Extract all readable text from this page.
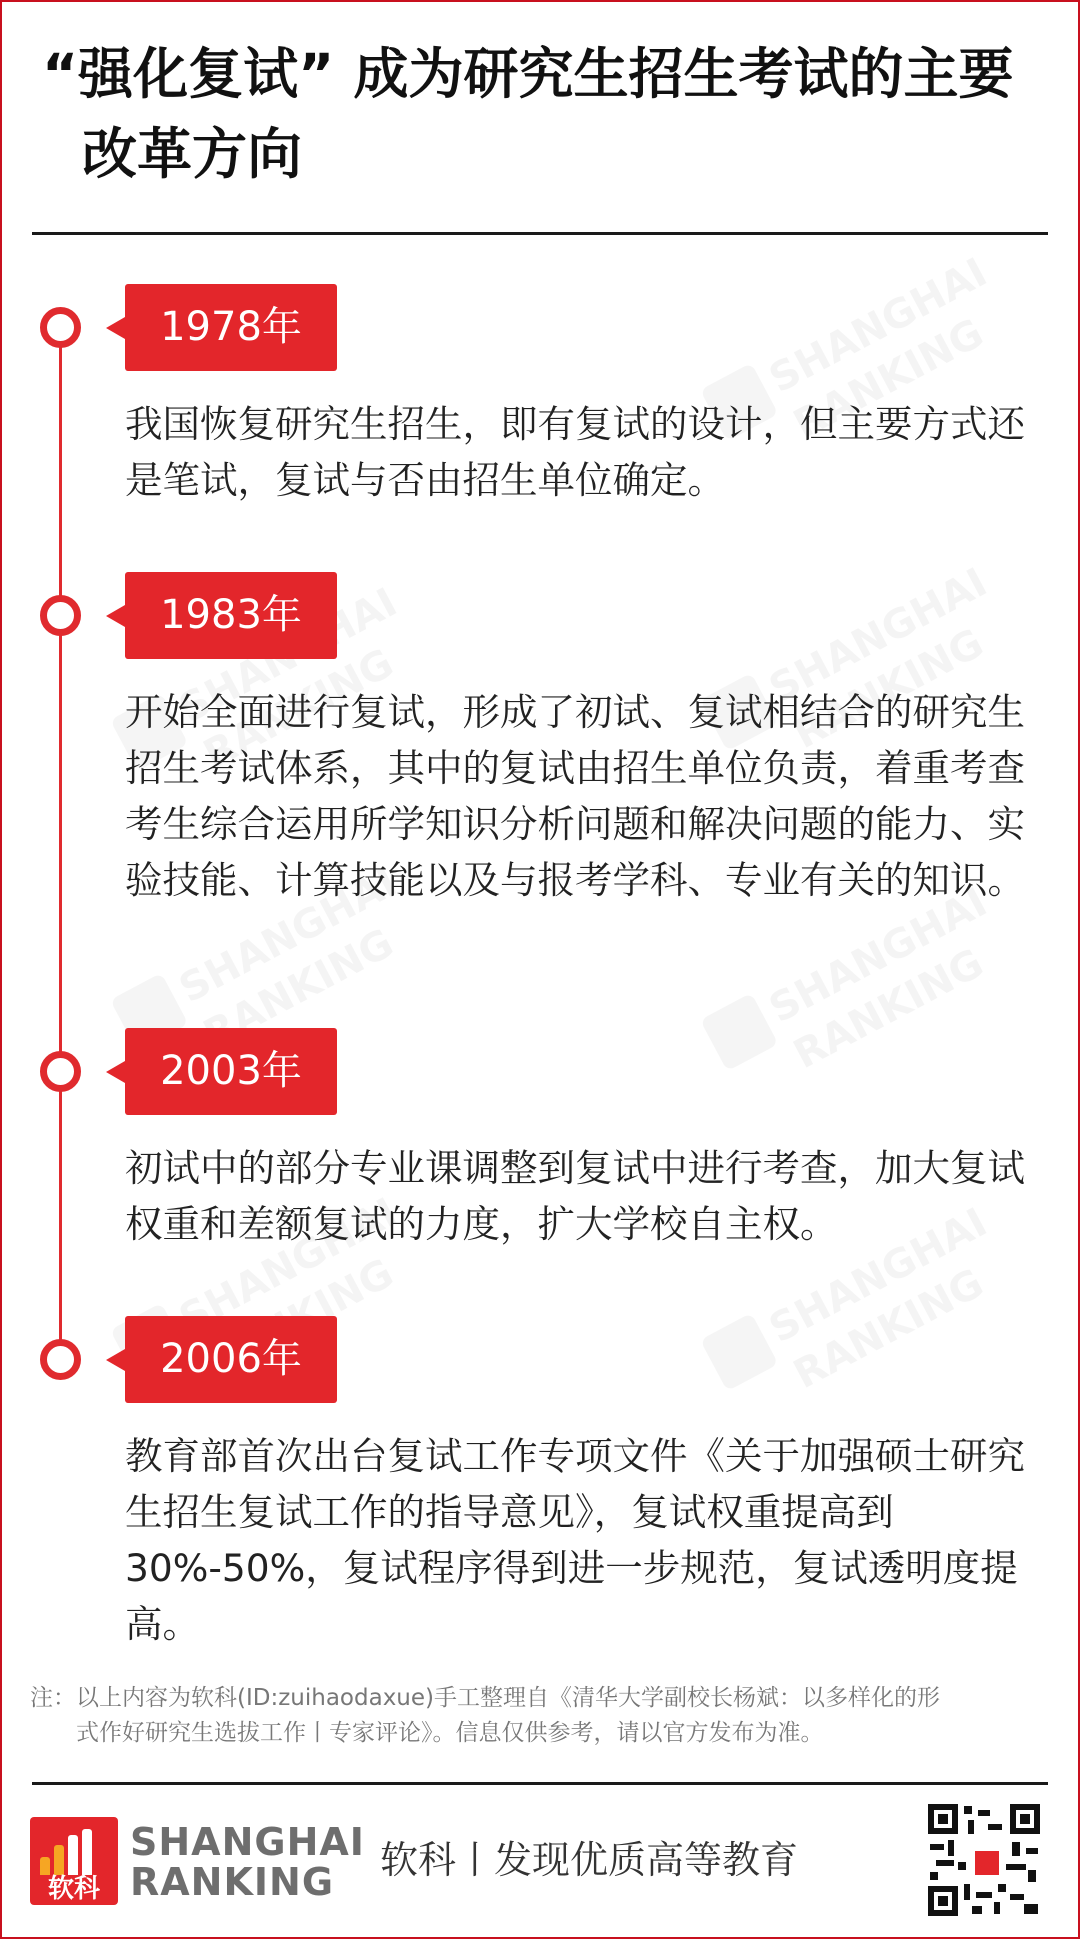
“强化复试” 成为研究生招生考试的主要
改革方向
1978年
我国恢复研究生招生，即有复试的设计，但主要方式还是笔试，复试与否由招生单位确定。
1983年
开始全面进行复试，形成了初试、复试相结合的研究生招生考试体系，其中的复试由招生单位负责，着重考查考生综合运用所学知识分析问题和解决问题的能力、实验技能、计算技能以及与报考学科、专业有关的知识。
2003年
初试中的部分专业课调整到复试中进行考查，加大复试权重和差额复试的力度，扩大学校自主权。
2006年
教育部首次出台复试工作专项文件《关于加强硕士研究生招生复试工作的指导意见》，复试权重提高到30%-50%，复试程序得到进一步规范，复试透明度提高。
注：以上内容为软科(ID:zuihaodaxue)手工整理自《清华大学副校长杨斌：以多样化的形
式作好研究生选拔工作丨专家评论》。信息仅供参考，请以官方发布为准。
软科
SHANGHAI
RANKING	软科丨发现优质高等教育
